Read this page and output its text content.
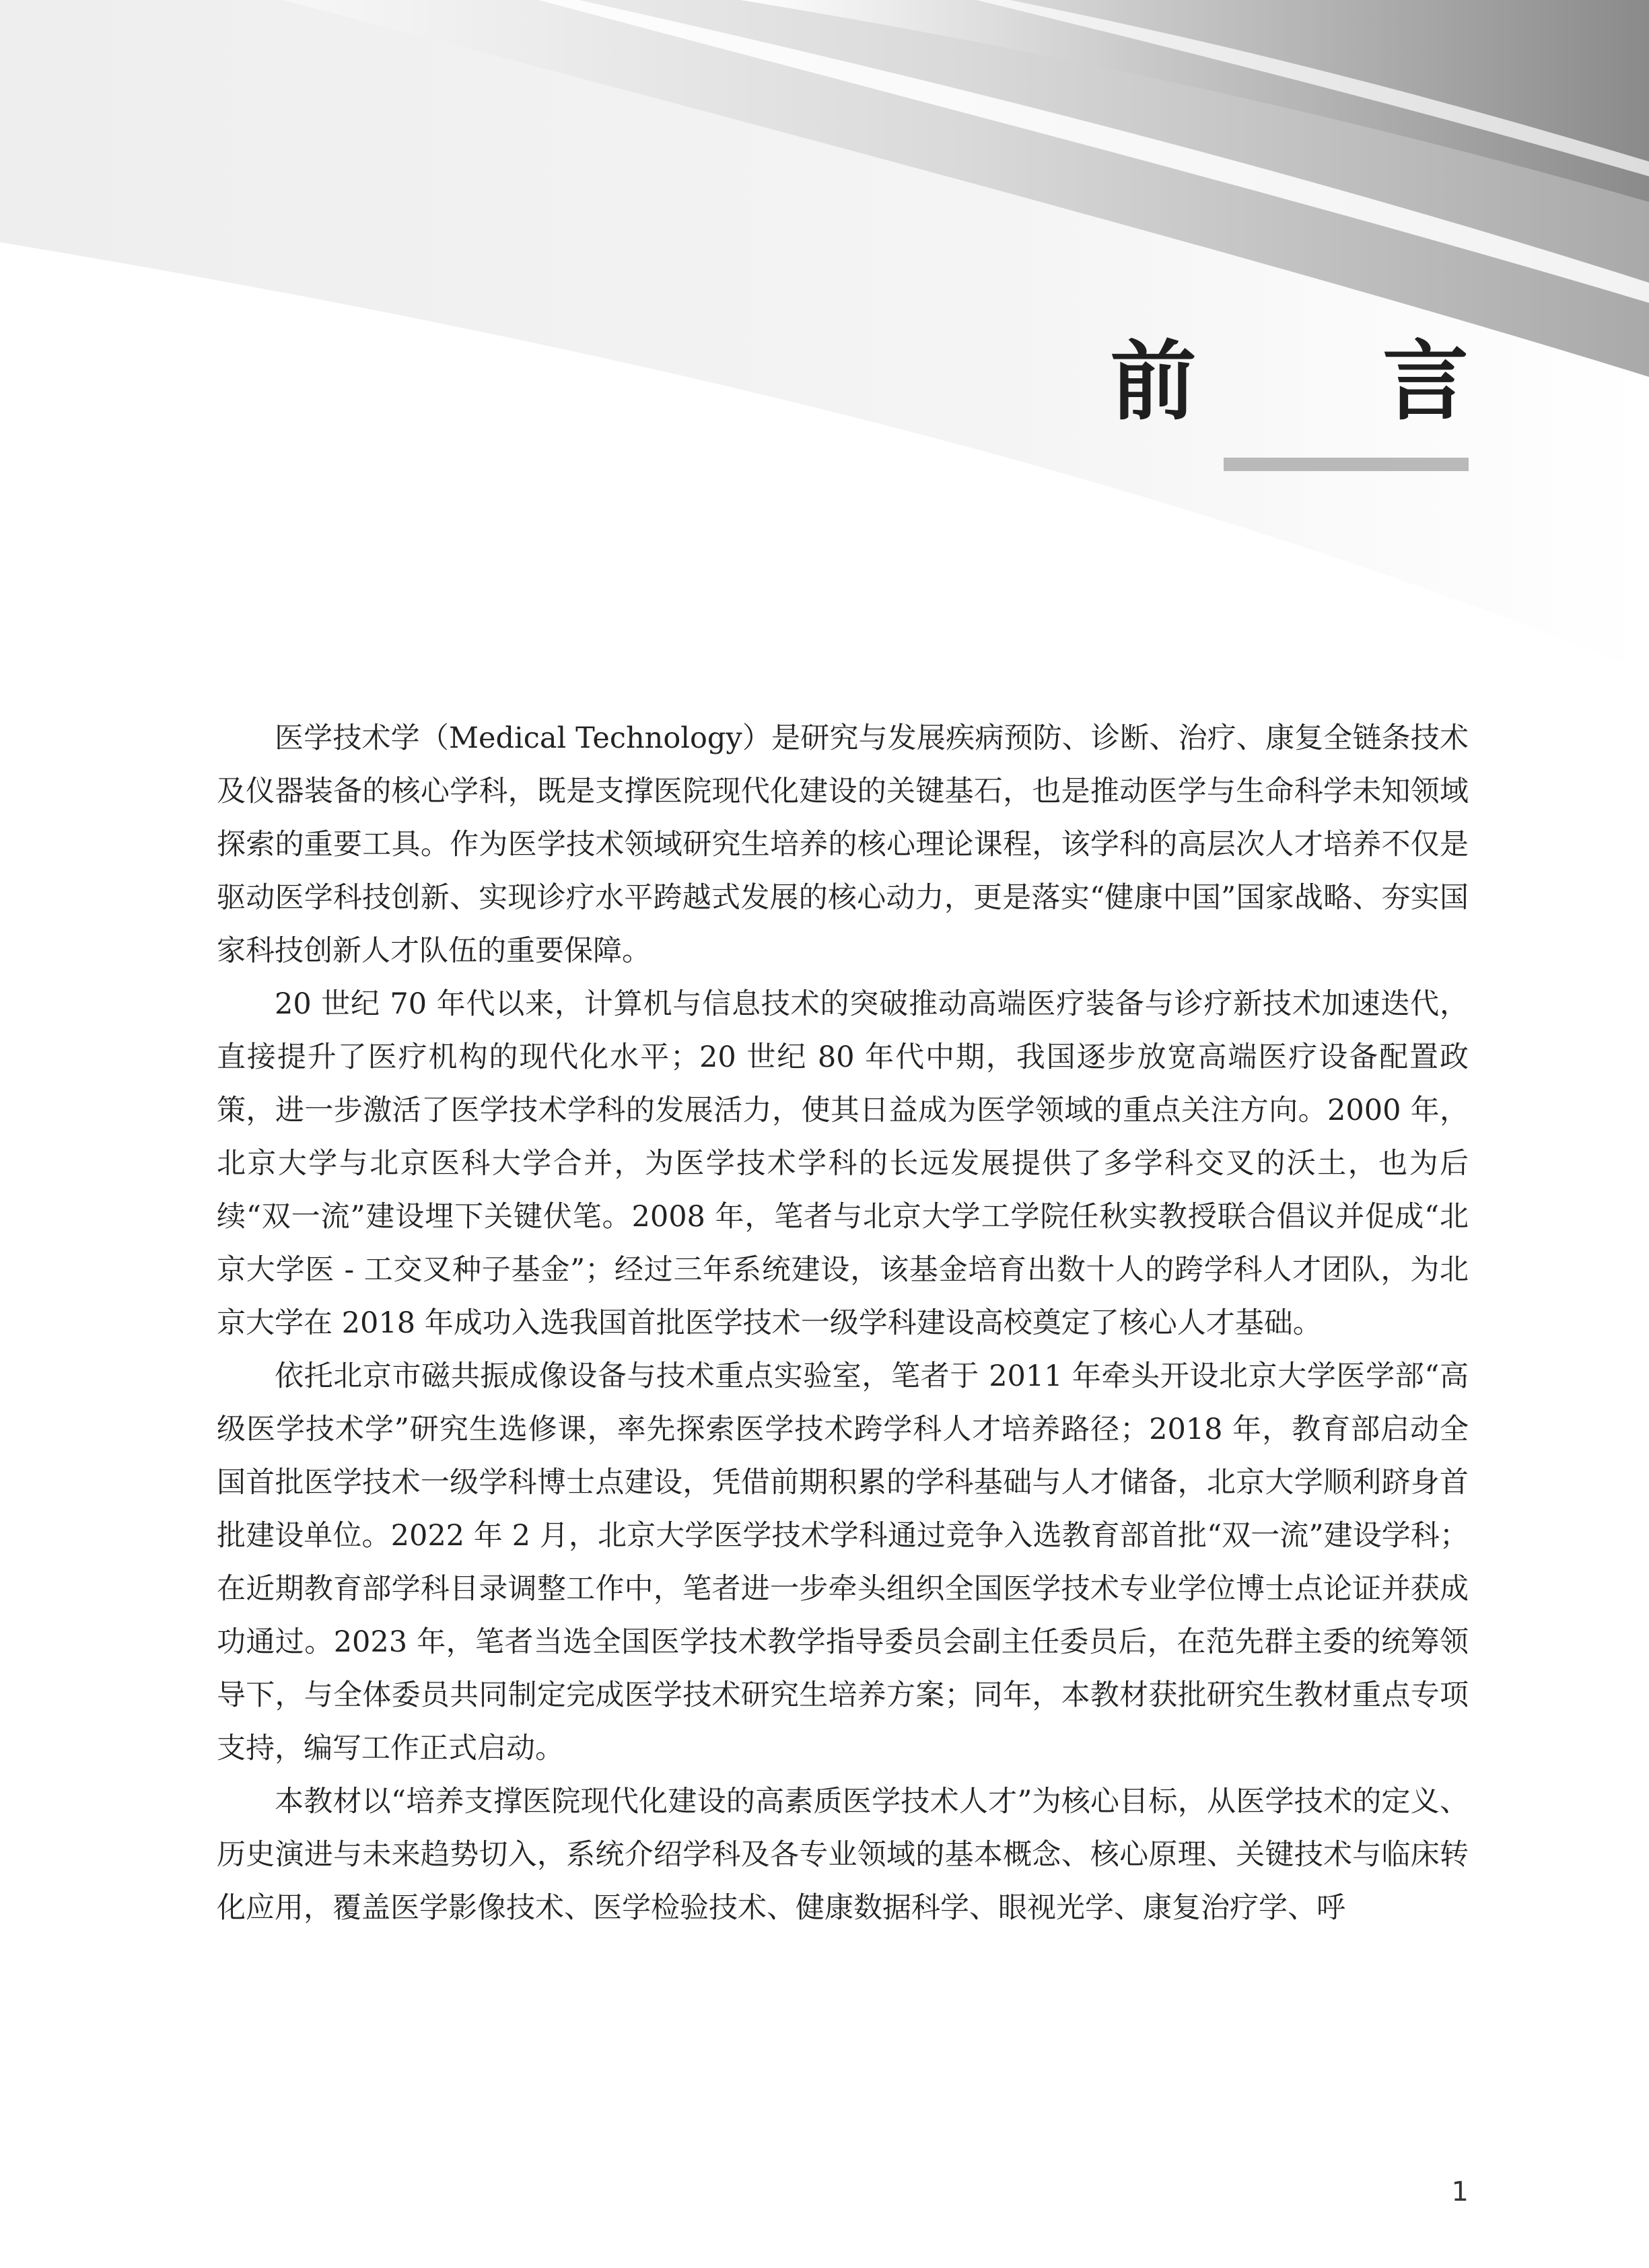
前 言

医学技术学（Medical Technology）是研究与发展疾病预防、诊断、治疗、康复全链条技术及仪器装备的核心学科，既是支撑医院现代化建设的关键基石，也是推动医学与生命科学未知领域探索的重要工具。作为医学技术领域研究生培养的核心理论课程，该学科的高层次人才培养不仅是驱动医学科技创新、实现诊疗水平跨越式发展的核心动力，更是落实“健康中国”国家战略、夯实国家科技创新人才队伍的重要保障。

20 世纪 70 年代以来，计算机与信息技术的突破推动高端医疗装备与诊疗新技术加速迭代，直接提升了医疗机构的现代化水平；20 世纪 80 年代中期，我国逐步放宽高端医疗设备配置政策，进一步激活了医学技术学科的发展活力，使其日益成为医学领域的重点关注方向。2000 年，北京大学与北京医科大学合并，为医学技术学科的长远发展提供了多学科交叉的沃土，也为后续“双一流”建设埋下关键伏笔。2008 年，笔者与北京大学工学院任秋实教授联合倡议并促成“北京大学医 - 工交叉种子基金”；经过三年系统建设，该基金培育出数十人的跨学科人才团队，为北京大学在 2018 年成功入选我国首批医学技术一级学科建设高校奠定了核心人才基础。

依托北京市磁共振成像设备与技术重点实验室，笔者于 2011 年牵头开设北京大学医学部“高级医学技术学”研究生选修课，率先探索医学技术跨学科人才培养路径；2018 年，教育部启动全国首批医学技术一级学科博士点建设，凭借前期积累的学科基础与人才储备，北京大学顺利跻身首批建设单位。2022 年 2 月，北京大学医学技术学科通过竞争入选教育部首批“双一流”建设学科；在近期教育部学科目录调整工作中，笔者进一步牵头组织全国医学技术专业学位博士点论证并获成功通过。2023 年，笔者当选全国医学技术教学指导委员会副主任委员后，在范先群主委的统筹领导下，与全体委员共同制定完成医学技术研究生培养方案；同年，本教材获批研究生教材重点专项支持，编写工作正式启动。

本教材以“培养支撑医院现代化建设的高素质医学技术人才”为核心目标，从医学技术的定义、历史演进与未来趋势切入，系统介绍学科及各专业领域的基本概念、核心原理、关键技术与临床转化应用，覆盖医学影像技术、医学检验技术、健康数据科学、眼视光学、康复治疗学、呼

1
